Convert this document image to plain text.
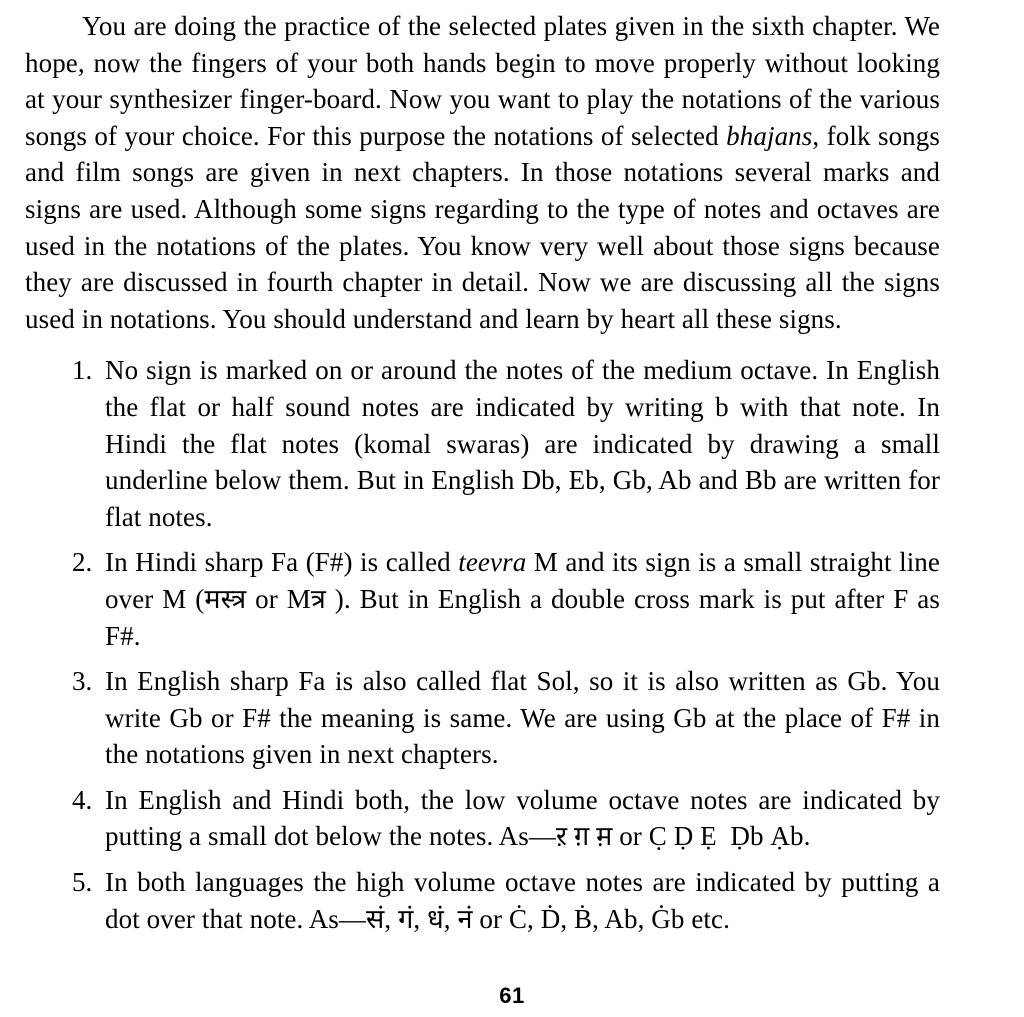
You are doing the practice of the selected plates given in the sixth chapter. We hope, now the fingers of your both hands begin to move properly without looking at your synthesizer finger-board. Now you want to play the notations of the various songs of your choice. For this purpose the notations of selected bhajans, folk songs and film songs are given in next chapters. In those notations several marks and signs are used. Although some signs regarding to the type of notes and octaves are used in the notations of the plates. You know very well about those signs because they are discussed in fourth chapter in detail. Now we are discussing all the signs used in notations. You should understand and learn by heart all these signs.

1. No sign is marked on or around the notes of the medium octave. In English the flat or half sound notes are indicated by writing b with that note. In Hindi the flat notes (komal swaras) are indicated by drawing a small underline below them. But in English Db, Eb, Gb, Ab and Bb are written for flat notes.
2. In Hindi sharp Fa (F#) is called teevra M and its sign is a small straight line over M (मस्त्र or Mत्र ). But in English a double cross mark is put after F as F#.
3. In English sharp Fa is also called flat Sol, so it is also written as Gb. You write Gb or F# the meaning is same. We are using Gb at the place of F# in the notations given in next chapters.
4. In English and Hindi both, the low volume octave notes are indicated by putting a small dot below the notes. As—ऱ ग़ म़ or C̣ Ḍ Ẹ Ḍb Ạb.
5. In both languages the high volume octave notes are indicated by putting a dot over that note. As—सं, गं, धं, नं or Ċ, Ḋ, Ḃ, Ab, Ġb etc.
61
